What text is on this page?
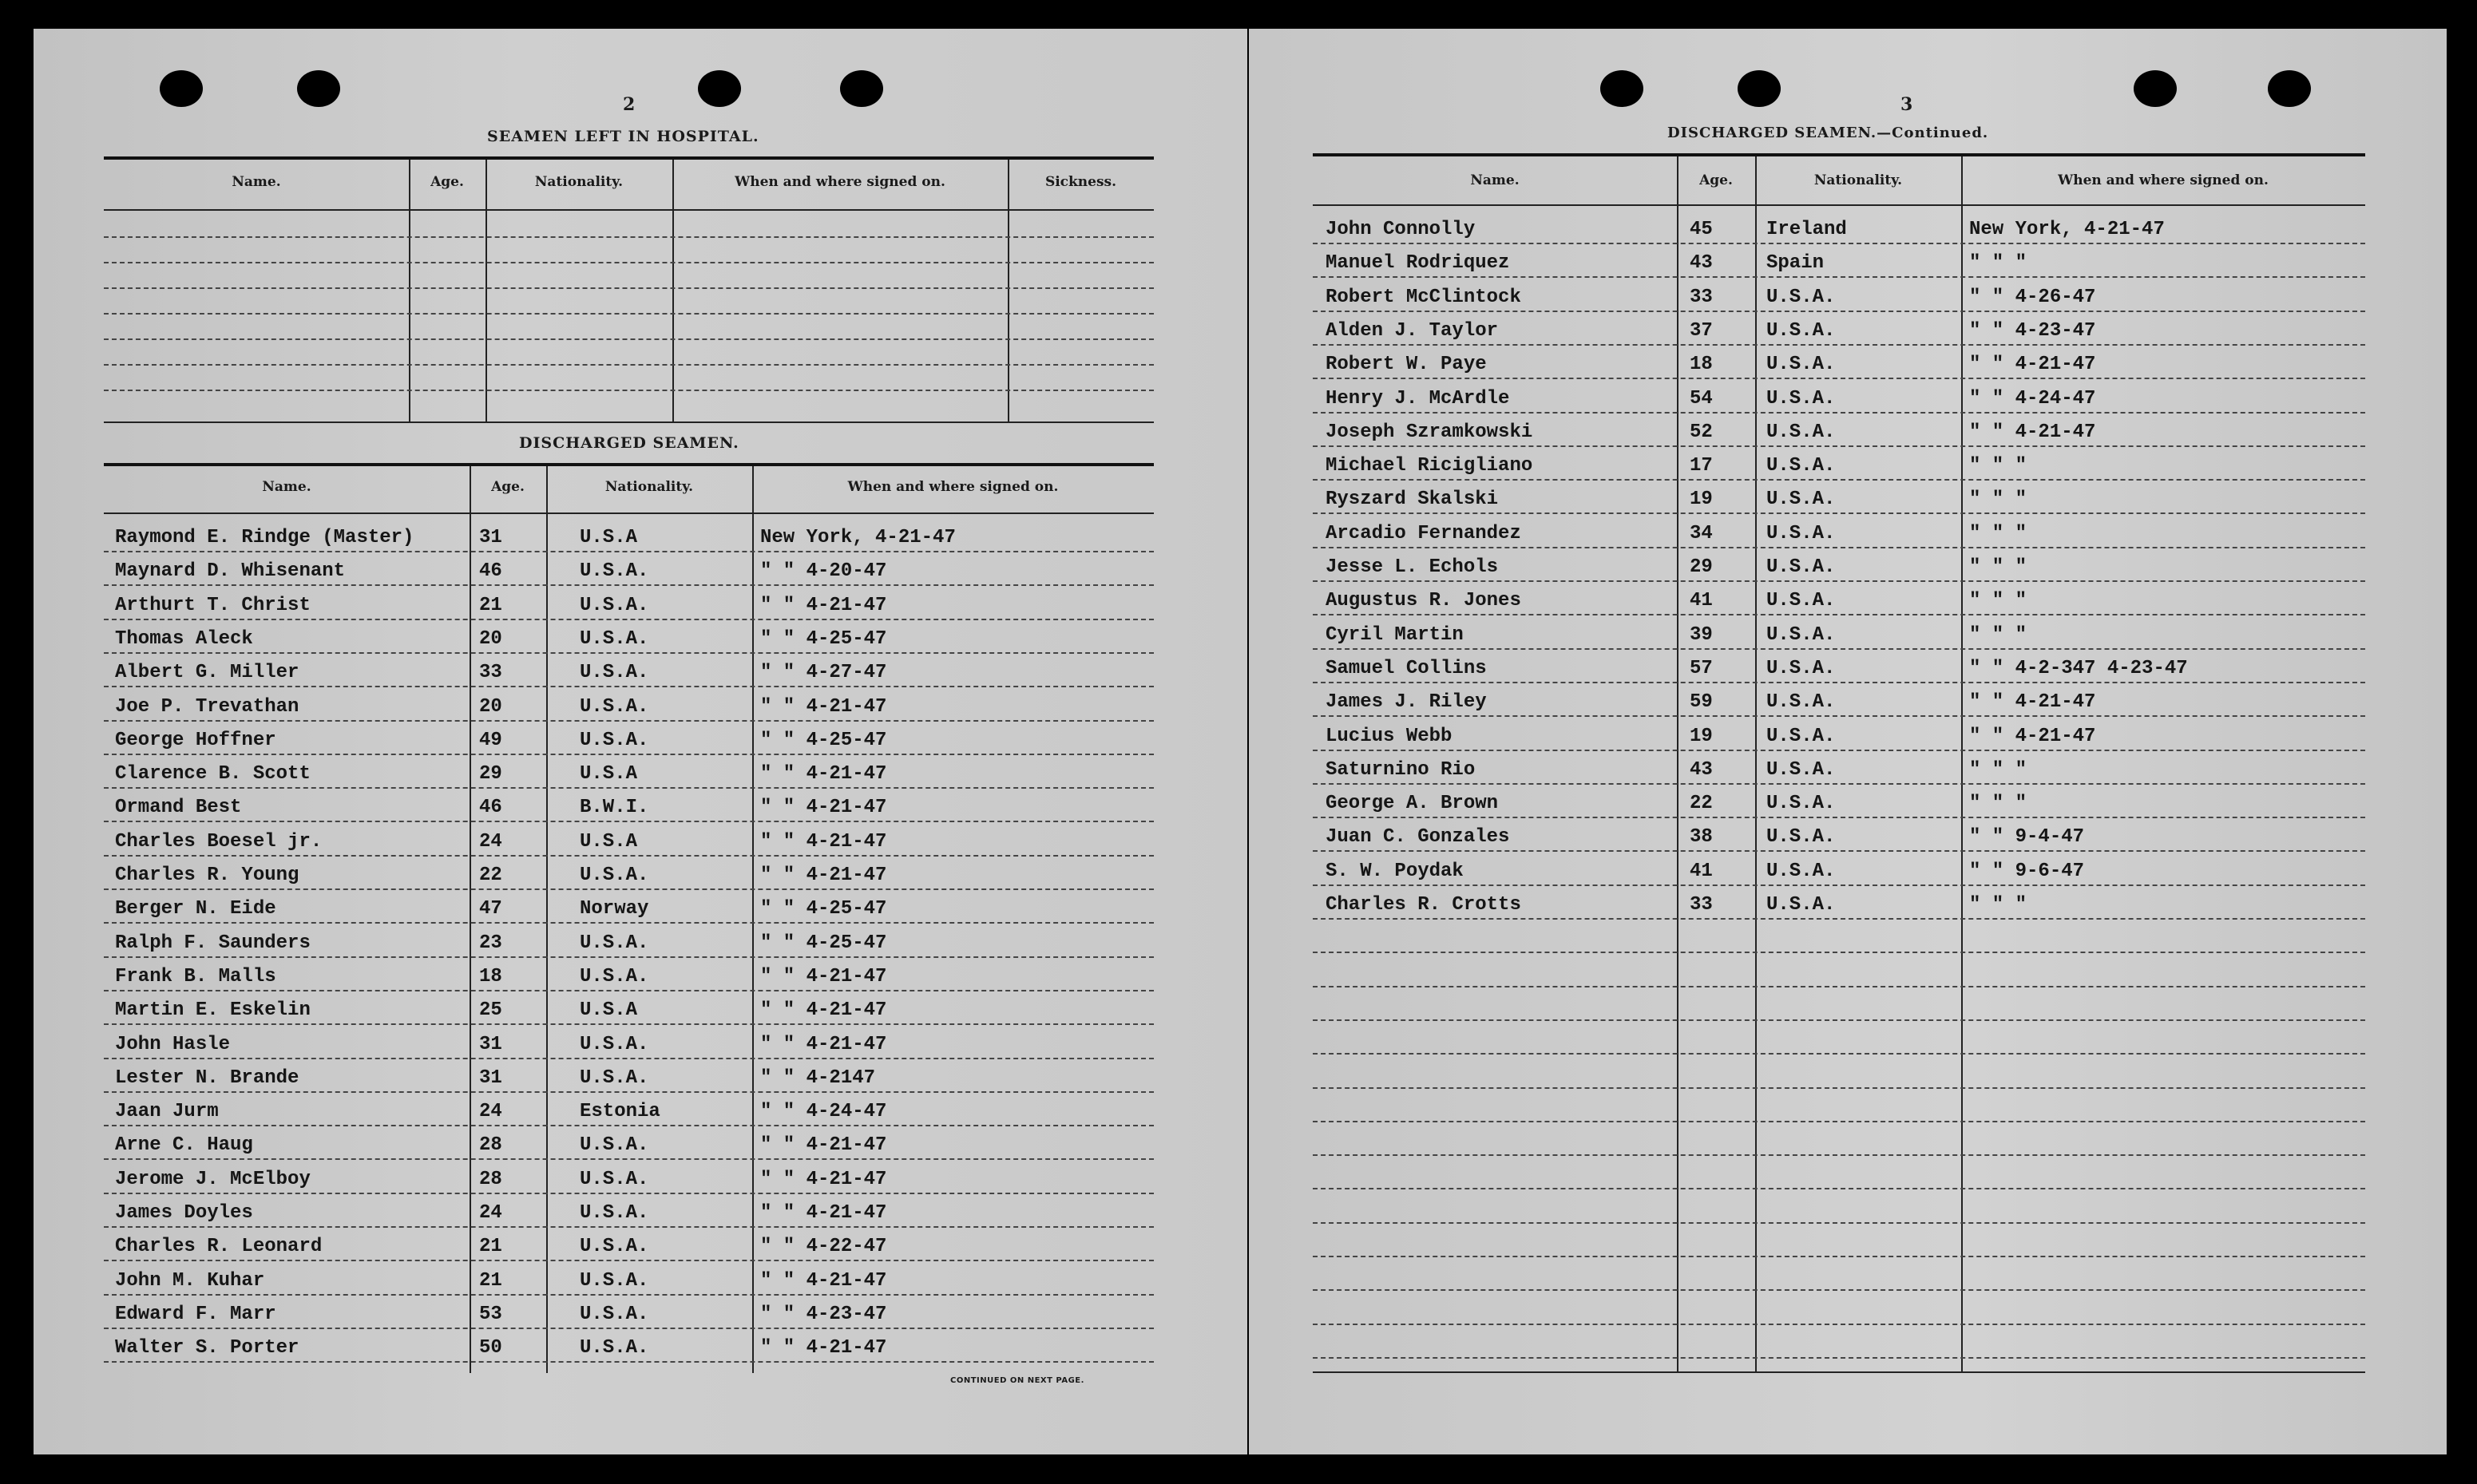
2
SEAMEN LEFT IN HOSPITAL.
Name.	Age.	Nationality.	When and where signed on.	Sickness.
DISCHARGED SEAMEN.
Name.	Age.	Nationality.	When and where signed on.
Raymond E. Rindge (Master)	31	U.S.A	New York, 4-21-47
Maynard D. Whisenant	46	U.S.A.	" " 4-20-47
Arthurt T. Christ	21	U.S.A.	" " 4-21-47
Thomas Aleck	20	U.S.A.	" " 4-25-47
Albert G. Miller	33	U.S.A.	" " 4-27-47
Joe P. Trevathan	20	U.S.A.	" " 4-21-47
George Hoffner	49	U.S.A.	" " 4-25-47
Clarence B. Scott	29	U.S.A	" " 4-21-47
Ormand Best	46	B.W.I.	" " 4-21-47
Charles Boesel jr.	24	U.S.A	" " 4-21-47
Charles R. Young	22	U.S.A.	" " 4-21-47
Berger N. Eide	47	Norway	" " 4-25-47
Ralph F. Saunders	23	U.S.A.	" " 4-25-47
Frank B. Malls	18	U.S.A.	" " 4-21-47
Martin E. Eskelin	25	U.S.A	" " 4-21-47
John Hasle	31	U.S.A.	" " 4-21-47
Lester N. Brande	31	U.S.A.	" " 4-2147
Jaan Jurm	24	Estonia	" " 4-24-47
Arne C. Haug	28	U.S.A.	" " 4-21-47
Jerome J. McElboy	28	U.S.A.	" " 4-21-47
James Doyles	24	U.S.A.	" " 4-21-47
Charles R. Leonard	21	U.S.A.	" " 4-22-47
John M. Kuhar	21	U.S.A.	" " 4-21-47
Edward F. Marr	53	U.S.A.	" " 4-23-47
Walter S. Porter	50	U.S.A.	" " 4-21-47
CONTINUED ON NEXT PAGE.
3
DISCHARGED SEAMEN.—Continued.
Name.	Age.	Nationality.	When and where signed on.
John Connolly	45	Ireland	New York, 4-21-47
Manuel Rodriquez	43	Spain	" " "
Robert McClintock	33	U.S.A.	" " 4-26-47
Alden J. Taylor	37	U.S.A.	" " 4-23-47
Robert W. Paye	18	U.S.A.	" " 4-21-47
Henry J. McArdle	54	U.S.A.	" " 4-24-47
Joseph Szramkowski	52	U.S.A.	" " 4-21-47
Michael Ricigliano	17	U.S.A.	" " "
Ryszard Skalski	19	U.S.A.	" " "
Arcadio Fernandez	34	U.S.A.	" " "
Jesse L. Echols	29	U.S.A.	" " "
Augustus R. Jones	41	U.S.A.	" " "
Cyril Martin	39	U.S.A.	" " "
Samuel Collins	57	U.S.A.	" " 4-2-347 4-23-47
James J. Riley	59	U.S.A.	" " 4-21-47
Lucius Webb	19	U.S.A.	" " 4-21-47
Saturnino Rio	43	U.S.A.	" " "
George A. Brown	22	U.S.A.	" " "
Juan C. Gonzales	38	U.S.A.	" " 9-4-47
S. W. Poydak	41	U.S.A.	" " 9-6-47
Charles R. Crotts	33	U.S.A.	" " "
